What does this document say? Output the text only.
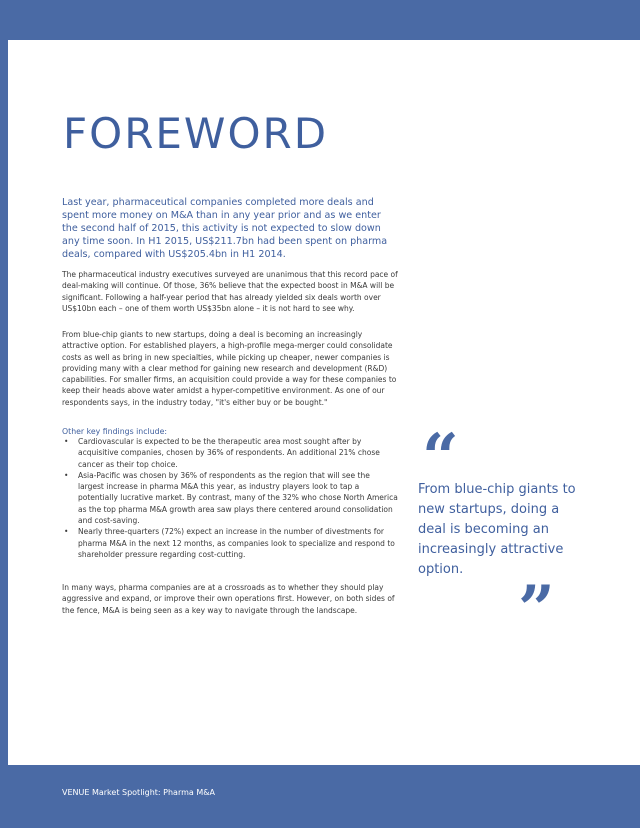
FOREWORD

Last year, pharmaceutical companies completed more deals and spent more money on M&A than in any year prior and as we enter the second half of 2015, this activity is not expected to slow down any time soon. In H1 2015, US$211.7bn had been spent on pharma deals, compared with US$205.4bn in H1 2014.

The pharmaceutical industry executives surveyed are unanimous that this record pace of deal-making will continue. Of those, 36% believe that the expected boost in M&A will be significant. Following a half-year period that has already yielded six deals worth over US$10bn each – one of them worth US$35bn alone – it is not hard to see why.

From blue-chip giants to new startups, doing a deal is becoming an increasingly attractive option. For established players, a high-profile mega-merger could consolidate costs as well as bring in new specialties, while picking up cheaper, newer companies is providing many with a clear method for gaining new research and development (R&D) capabilities. For smaller firms, an acquisition could provide a way for these companies to keep their heads above water amidst a hyper-competitive environment. As one of our respondents says, in the industry today, "it's either buy or be bought."

Other key findings include:

• Cardiovascular is expected to be the therapeutic area most sought after by acquisitive companies, chosen by 36% of respondents. An additional 21% chose cancer as their top choice.
• Asia-Pacific was chosen by 36% of respondents as the region that will see the largest increase in pharma M&A this year, as industry players look to tap a potentially lucrative market. By contrast, many of the 32% who chose North America as the top pharma M&A growth area saw plays there centered around consolidation and cost-saving.
• Nearly three-quarters (72%) expect an increase in the number of divestments for pharma M&A in the next 12 months, as companies look to specialize and respond to shareholder pressure regarding cost-cutting.

In many ways, pharma companies are at a crossroads as to whether they should play aggressive and expand, or improve their own operations first. However, on both sides of the fence, M&A is being seen as a key way to navigate through the landscape.

“

From blue-chip giants to new startups, doing a deal is becoming an increasingly attractive option.

”
VENUE Market Spotlight: Pharma M&A
